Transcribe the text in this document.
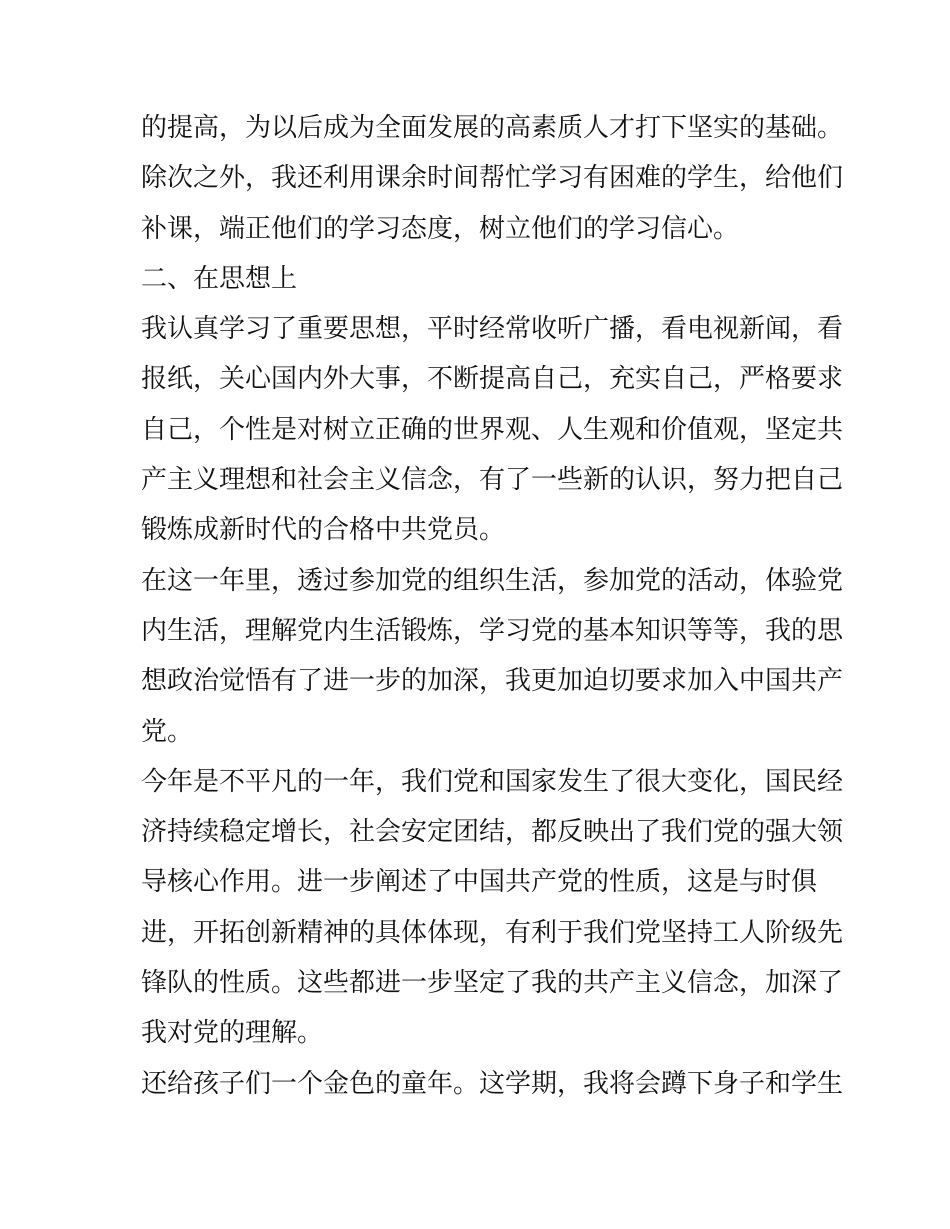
的提高，为以后成为全面发展的高素质人才打下坚实的基础。
除次之外，我还利用课余时间帮忙学习有困难的学生，给他们
补课，端正他们的学习态度，树立他们的学习信心。
二、在思想上
我认真学习了重要思想，平时经常收听广播，看电视新闻，看
报纸，关心国内外大事，不断提高自己，充实自己，严格要求
自己，个性是对树立正确的世界观、人生观和价值观，坚定共
产主义理想和社会主义信念，有了一些新的认识，努力把自己
锻炼成新时代的合格中共党员。
在这一年里，透过参加党的组织生活，参加党的活动，体验党
内生活，理解党内生活锻炼，学习党的基本知识等等，我的思
想政治觉悟有了进一步的加深，我更加迫切要求加入中国共产
党。
今年是不平凡的一年，我们党和国家发生了很大变化，国民经
济持续稳定增长，社会安定团结，都反映出了我们党的强大领
导核心作用。进一步阐述了中国共产党的性质，这是与时俱
进，开拓创新精神的具体体现，有利于我们党坚持工人阶级先
锋队的性质。这些都进一步坚定了我的共产主义信念，加深了
我对党的理解。
还给孩子们一个金色的童年。这学期，我将会蹲下身子和学生
